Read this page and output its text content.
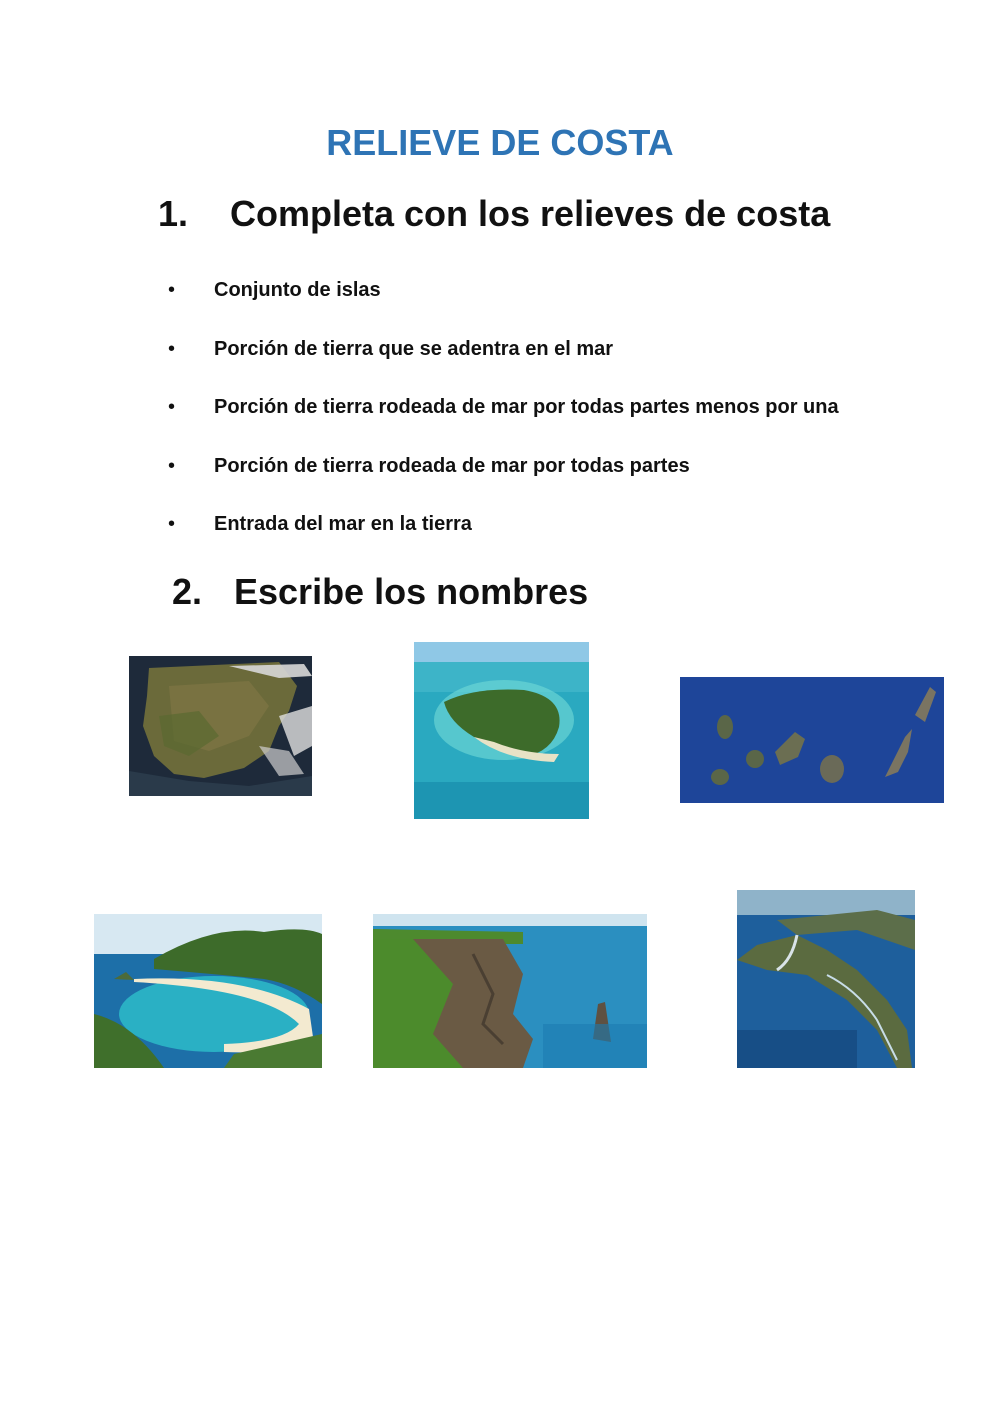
RELIEVE DE COSTA
1. Completa con los relieves de costa
• Conjunto de islas
• Porción de tierra que se adentra en el mar
• Porción de tierra rodeada de mar por todas partes menos por una
• Porción de tierra rodeada de mar por todas partes
• Entrada del mar en la tierra
2. Escribe los nombres
